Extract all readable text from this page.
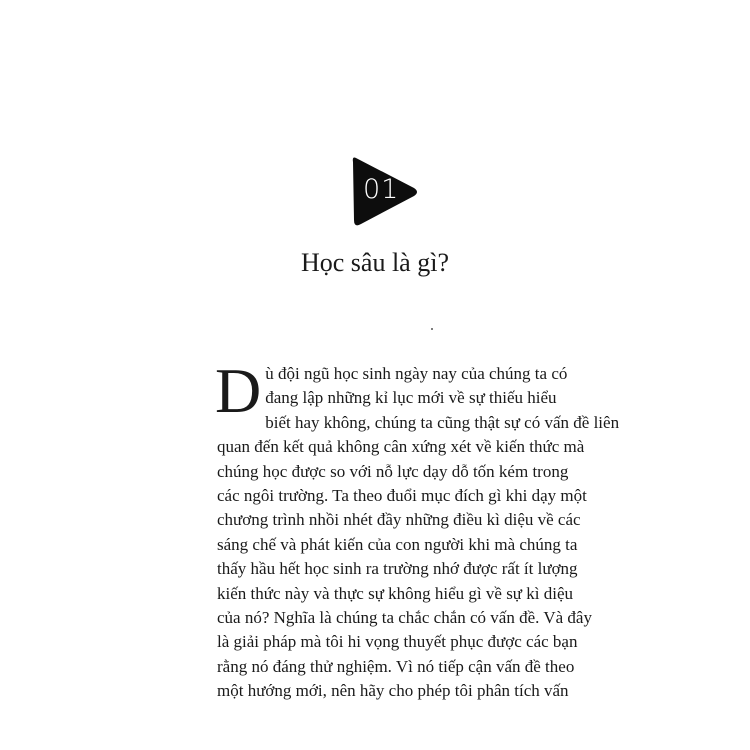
01
Học sâu là gì?
D ù đội ngũ học sinh ngày nay của chúng ta có
đang lập những kỉ lục mới về sự thiếu hiểu
biết hay không, chúng ta cũng thật sự có vấn đề liên
quan đến kết quả không cân xứng xét về kiến thức mà
chúng học được so với nỗ lực dạy dỗ tốn kém trong
các ngôi trường. Ta theo đuổi mục đích gì khi dạy một
chương trình nhồi nhét đầy những điều kì diệu về các
sáng chế và phát kiến của con người khi mà chúng ta
thấy hầu hết học sinh ra trường nhớ được rất ít lượng
kiến thức này và thực sự không hiểu gì về sự kì diệu
của nó? Nghĩa là chúng ta chắc chắn có vấn đề. Và đây
là giải pháp mà tôi hi vọng thuyết phục được các bạn
rằng nó đáng thử nghiệm. Vì nó tiếp cận vấn đề theo
một hướng mới, nên hãy cho phép tôi phân tích vấn
